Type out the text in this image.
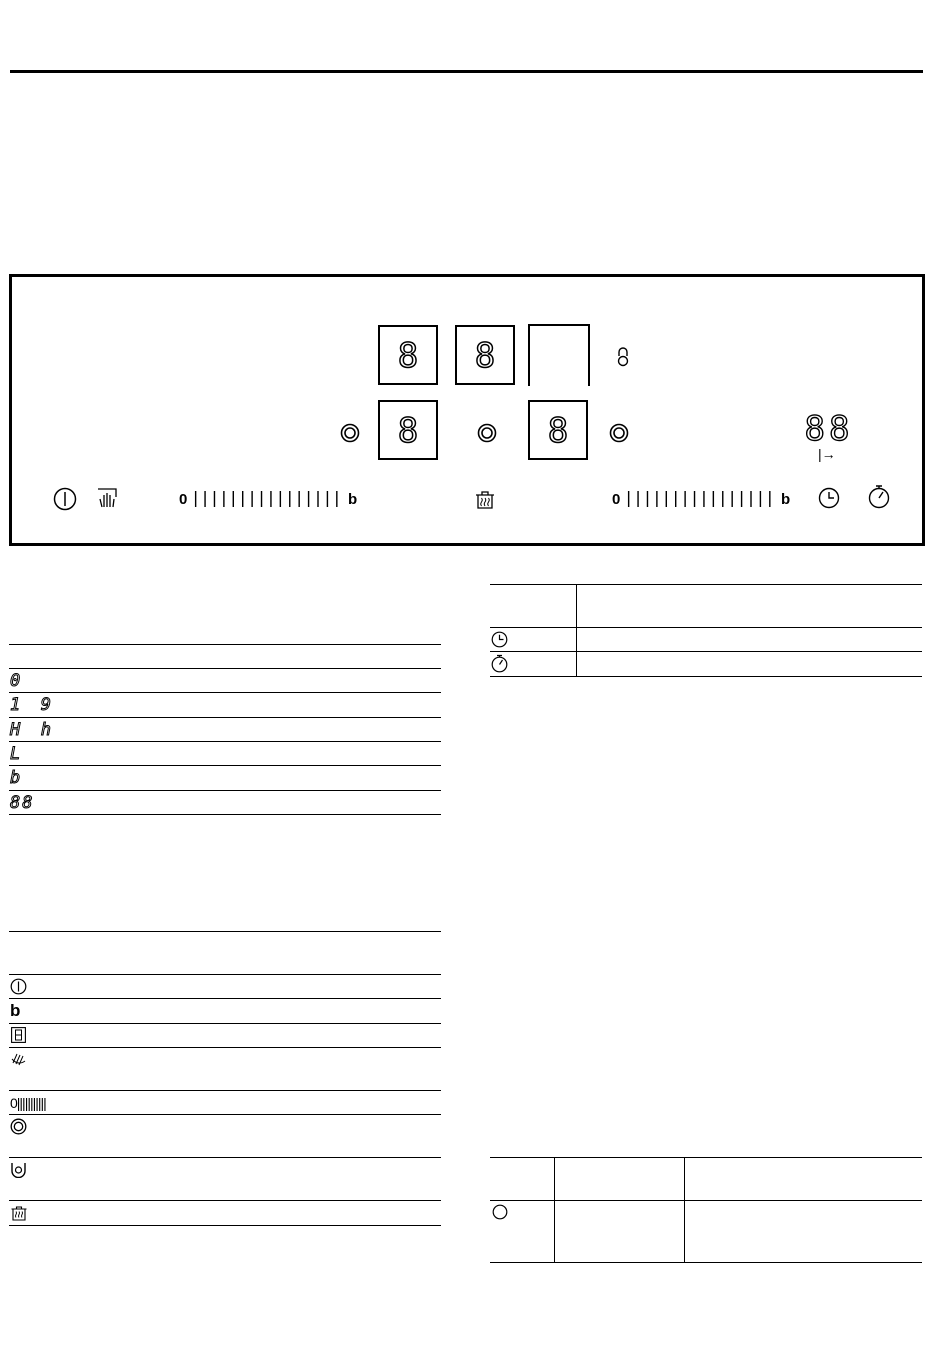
8 8
8	8	88
|→
0	b	0	b
0
1  9
H  h
L
b
88
b
0|||||||||||
